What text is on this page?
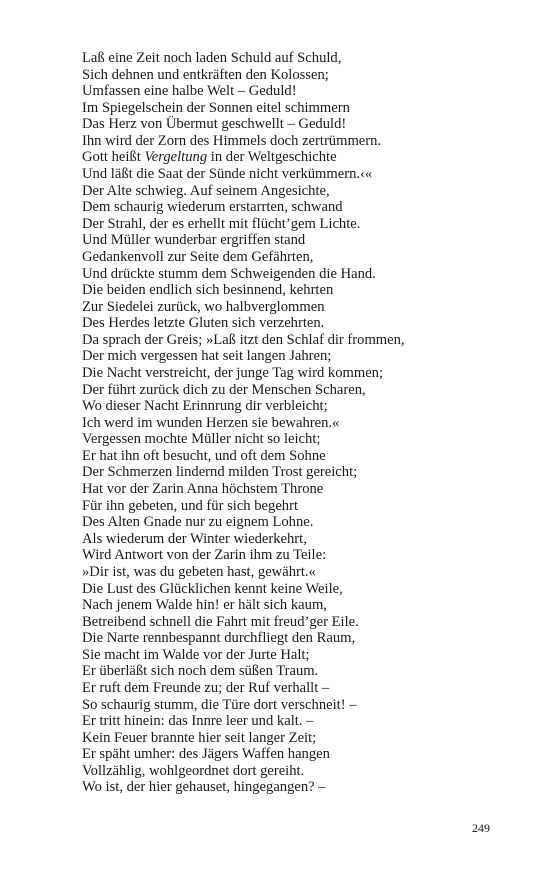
Laß eine Zeit noch laden Schuld auf Schuld,
Sich dehnen und entkräften den Kolossen;
Umfassen eine halbe Welt – Geduld!
Im Spiegelschein der Sonnen eitel schimmern
Das Herz von Übermut geschwellt – Geduld!
Ihn wird der Zorn des Himmels doch zertrümmern.
Gott heißt Vergeltung in der Weltgeschichte
Und läßt die Saat der Sünde nicht verkümmern.‹«
Der Alte schwieg. Auf seinem Angesichte,
Dem schaurig wiederum erstarrten, schwand
Der Strahl, der es erhellt mit flücht’gem Lichte.
Und Müller wunderbar ergriffen stand
Gedankenvoll zur Seite dem Gefährten,
Und drückte stumm dem Schweigenden die Hand.
Die beiden endlich sich besinnend, kehrten
Zur Siedelei zurück, wo halbverglommen
Des Herdes letzte Gluten sich verzehrten.
Da sprach der Greis; »Laß itzt den Schlaf dir frommen,
Der mich vergessen hat seit langen Jahren;
Die Nacht verstreicht, der junge Tag wird kommen;
Der führt zurück dich zu der Menschen Scharen,
Wo dieser Nacht Erinnrung dir verbleicht;
Ich werd im wunden Herzen sie bewahren.«
Vergessen mochte Müller nicht so leicht;
Er hat ihn oft besucht, und oft dem Sohne
Der Schmerzen lindernd milden Trost gereicht;
Hat vor der Zarin Anna höchstem Throne
Für ihn gebeten, und für sich begehrt
Des Alten Gnade nur zu eignem Lohne.
Als wiederum der Winter wiederkehrt,
Wird Antwort von der Zarin ihm zu Teile:
»Dir ist, was du gebeten hast, gewährt.«
Die Lust des Glücklichen kennt keine Weile,
Nach jenem Walde hin! er hält sich kaum,
Betreibend schnell die Fahrt mit freud’ger Eile.
Die Narte rennbespannt durchfliegt den Raum,
Sie macht im Walde vor der Jurte Halt;
Er überläßt sich noch dem süßen Traum.
Er ruft dem Freunde zu; der Ruf verhallt –
So schaurig stumm, die Türe dort verschneit! –
Er tritt hinein: das Innre leer und kalt. –
Kein Feuer brannte hier seit langer Zeit;
Er späht umher: des Jägers Waffen hangen
Vollzählig, wohlgeordnet dort gereiht.
Wo ist, der hier gehauset, hingegangen? –
249
